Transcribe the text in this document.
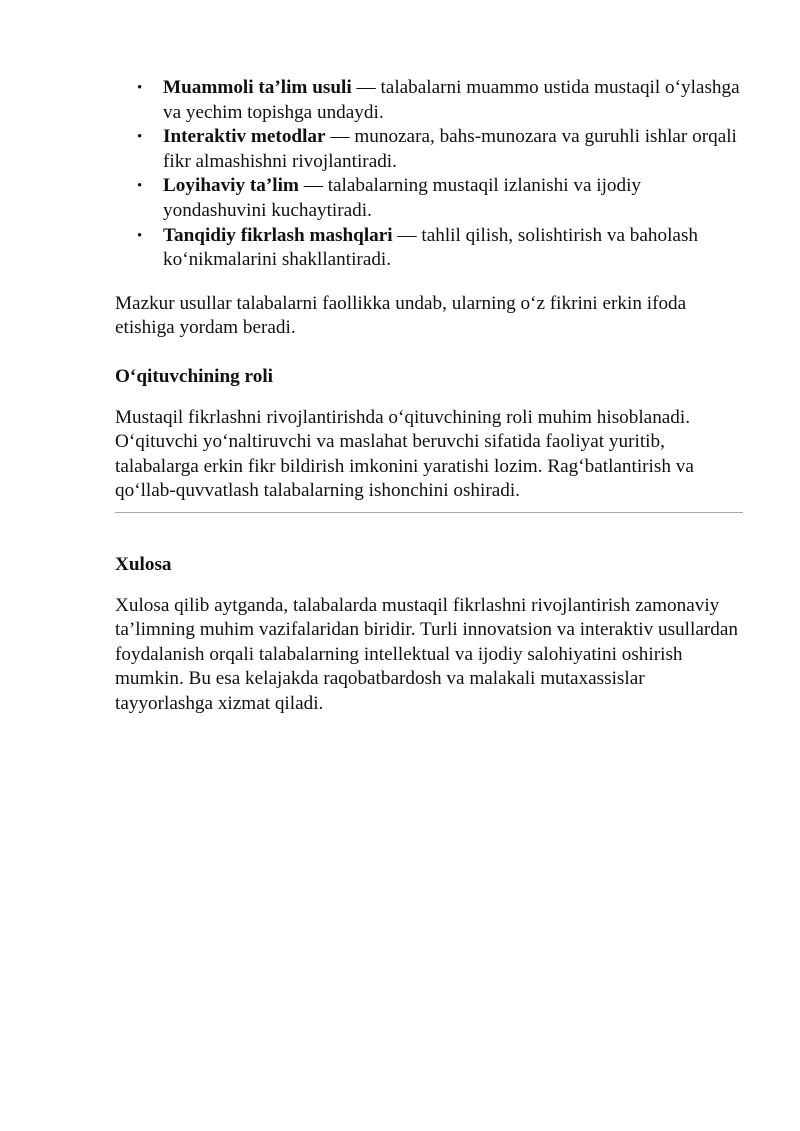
• Muammoli ta’lim usuli — talabalarni muammo ustida mustaqil o‘ylashga va yechim topishga undaydi.
• Interaktiv metodlar — munozara, bahs-munozara va guruhli ishlar orqali fikr almashishni rivojlantiradi.
• Loyihaviy ta’lim — talabalarning mustaqil izlanishi va ijodiy yondashuvini kuchaytiradi.
• Tanqidiy fikrlash mashqlari — tahlil qilish, solishtirish va baholash ko‘nikmalarini shakllantiradi.

Mazkur usullar talabalarni faollikka undab, ularning o‘z fikrini erkin ifoda etishiga yordam beradi.

O‘qituvchining roli

Mustaqil fikrlashni rivojlantirishda o‘qituvchining roli muhim hisoblanadi. O‘qituvchi yo‘naltiruvchi va maslahat beruvchi sifatida faoliyat yuritib, talabalarga erkin fikr bildirish imkonini yaratishi lozim. Rag‘batlantirish va qo‘llab-quvvatlash talabalarning ishonchini oshiradi.

Xulosa

Xulosa qilib aytganda, talabalarda mustaqil fikrlashni rivojlantirish zamonaviy ta’limning muhim vazifalaridan biridir. Turli innovatsion va interaktiv usullardan foydalanish orqali talabalarning intellektual va ijodiy salohiyatini oshirish mumkin. Bu esa kelajakda raqobatbardosh va malakali mutaxassislar tayyorlashga xizmat qiladi.
